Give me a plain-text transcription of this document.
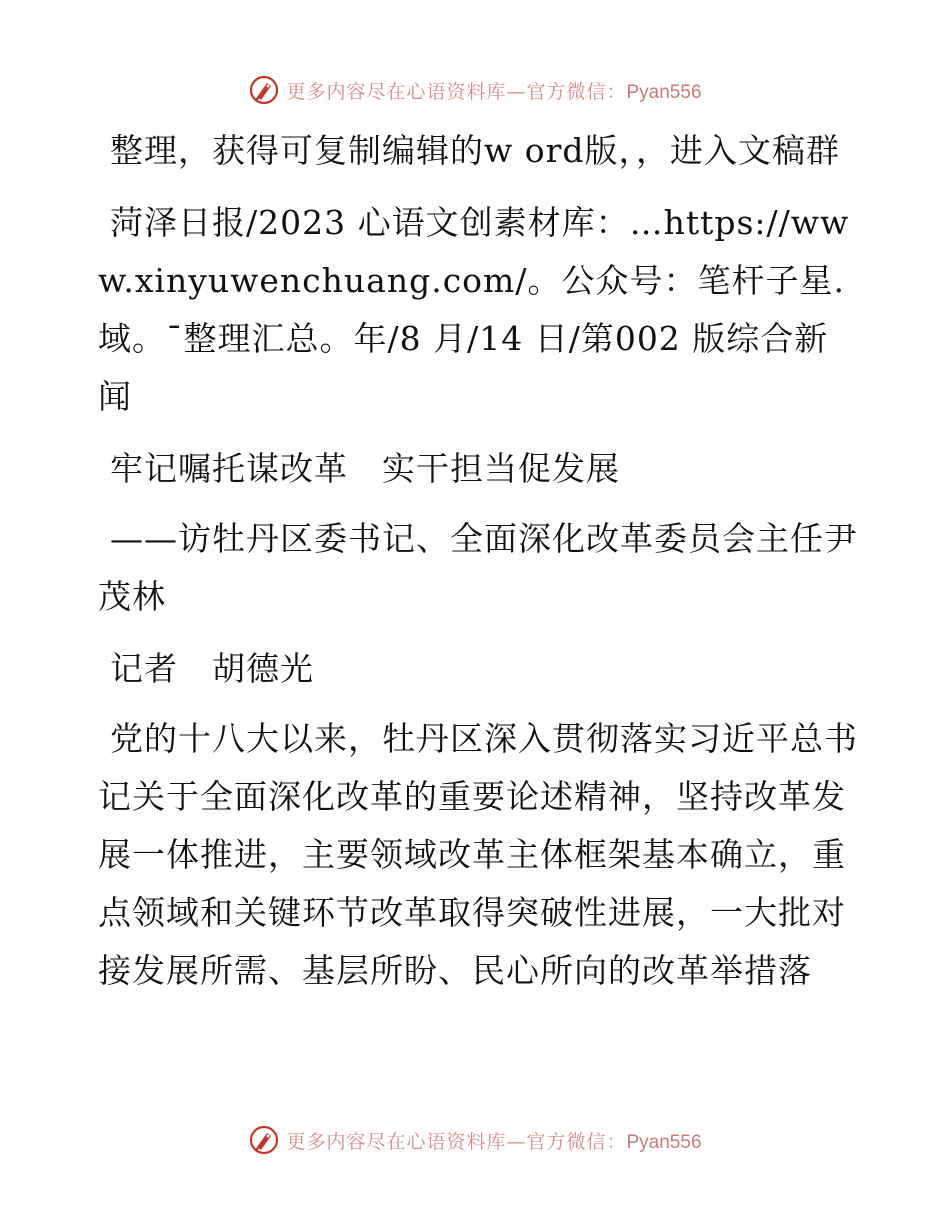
更多内容尽在心语资料库—官方微信：Pyan556

整理，获得可复制编辑的w ord版，，进入文稿群

菏泽日报/2023 心语文创素材库：…https://www.xinyuwenchuang.com/。公众号：笔杆子星.域。¯整理汇总。年/8 月/14 日/第002 版综合新闻

牢记嘱托谋改革　实干担当促发展

——访牡丹区委书记、全面深化改革委员会主任尹茂林

记者　胡德光

党的十八大以来，牡丹区深入贯彻落实习近平总书记关于全面深化改革的重要论述精神，坚持改革发展一体推进，主要领域改革主体框架基本确立，重点领域和关键环节改革取得突破性进展，一大批对接发展所需、基层所盼、民心所向的改革举措落

更多内容尽在心语资料库—官方微信：Pyan556
